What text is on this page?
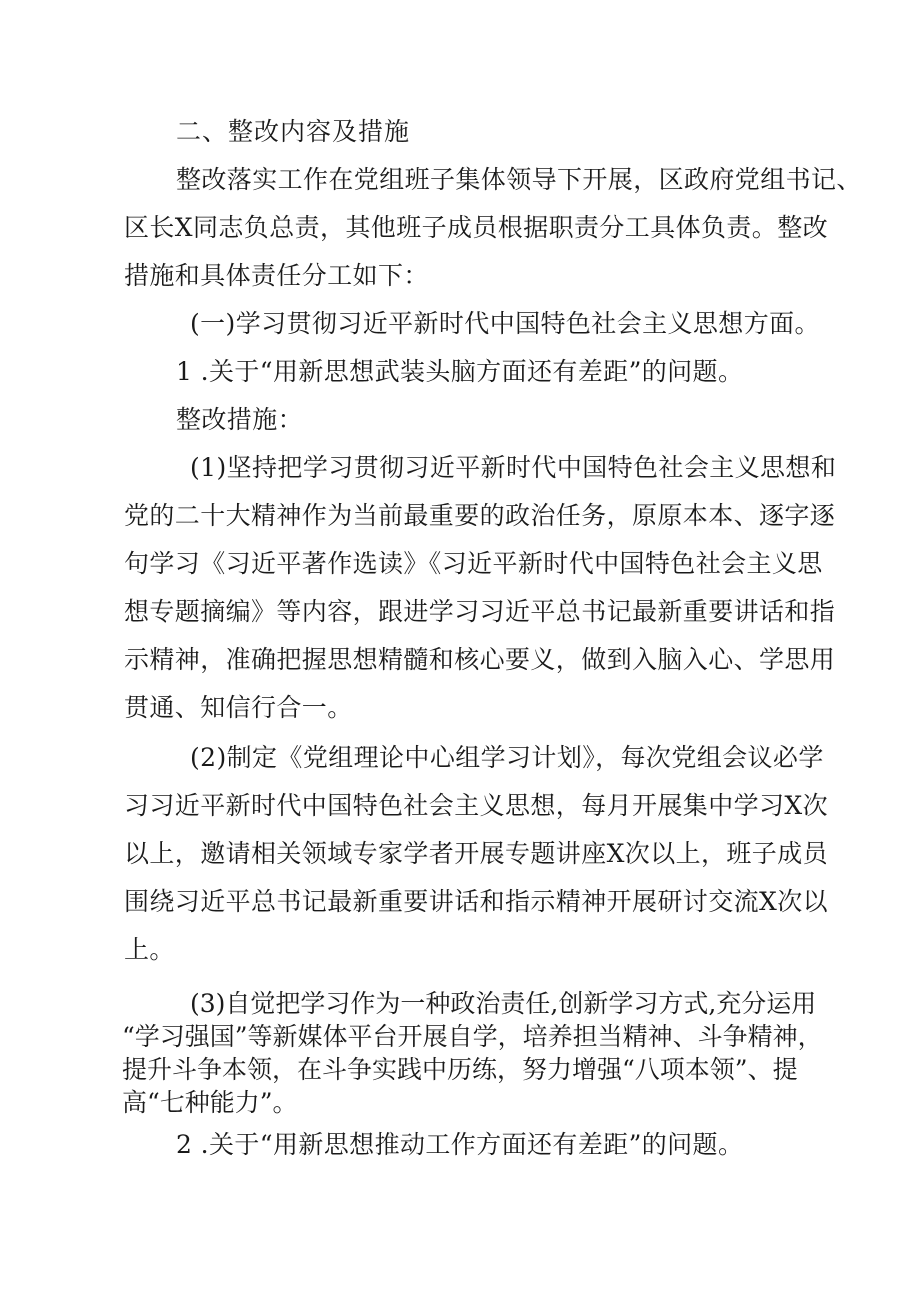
二、整改内容及措施
整改落实工作在党组班子集体领导下开展，区政府党组书记、
区长X同志负总责，其他班子成员根据职责分工具体负责。整改
措施和具体责任分工如下：
(一)学习贯彻习近平新时代中国特色社会主义思想方面。
1 .关于“用新思想武装头脑方面还有差距”的问题。
整改措施：
(1)坚持把学习贯彻习近平新时代中国特色社会主义思想和
党的二十大精神作为当前最重要的政治任务，原原本本、逐字逐
句学习《习近平著作选读》《习近平新时代中国特色社会主义思
想专题摘编》等内容，跟进学习习近平总书记最新重要讲话和指
示精神，准确把握思想精髓和核心要义，做到入脑入心、学思用
贯通、知信行合一。
(2)制定《党组理论中心组学习计划》，每次党组会议必学
习习近平新时代中国特色社会主义思想，每月开展集中学习X次
以上，邀请相关领域专家学者开展专题讲座X次以上，班子成员
围绕习近平总书记最新重要讲话和指示精神开展研讨交流X次以
上。
(3)自觉把学习作为一种政治责任,创新学习方式,充分运用
“学习强国”等新媒体平台开展自学，培养担当精神、斗争精神，
提升斗争本领，在斗争实践中历练，努力增强“八项本领”、提
高“七种能力”。
2 .关于“用新思想推动工作方面还有差距”的问题。
